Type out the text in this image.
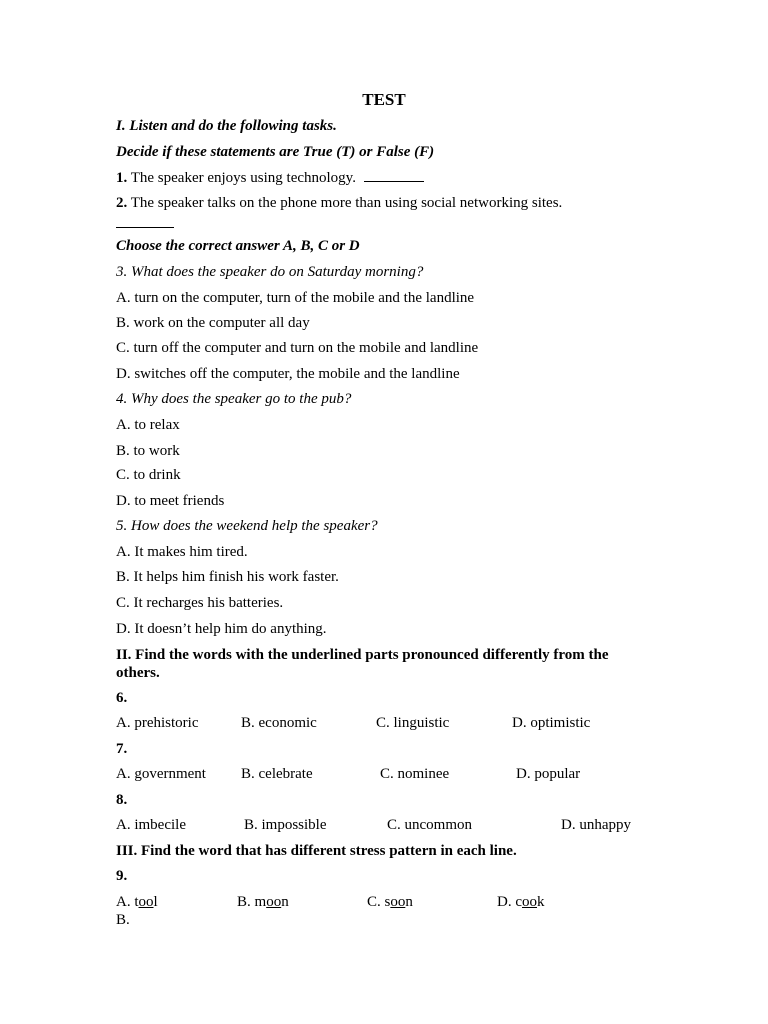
TEST
I. Listen and do the following tasks.
Decide if these statements are True (T) or False (F)
1. The speaker enjoys using technology.
2. The speaker talks on the phone more than using social networking sites.
Choose the correct answer A, B, C or D
3. What does the speaker do on Saturday morning?
A. turn on the computer, turn of the mobile and the landline
B. work on the computer all day
C. turn off the computer and turn on the mobile and landline
D. switches off the computer, the mobile and the landline
4. Why does the speaker go to the pub?
A. to relax
B. to work
C. to drink
D. to meet friends
5. How does the weekend help the speaker?
A. It makes him tired.
B. It helps him finish his work faster.
C. It recharges his batteries.
D. It doesn’t help him do anything.
II. Find the words with the underlined parts pronounced differently from the others.
6.
A. prehistoric	B. economic	C. linguistic	D. optimistic
7.
A. government B. celebrate	C. nominee	D. popular
8.
A. imbecile	B. impossible	C. uncommon	D. unhappy
III. Find the word that has different stress pattern in each line.
9.
A. tool	B. moon	C. soon	D. cook
B.
